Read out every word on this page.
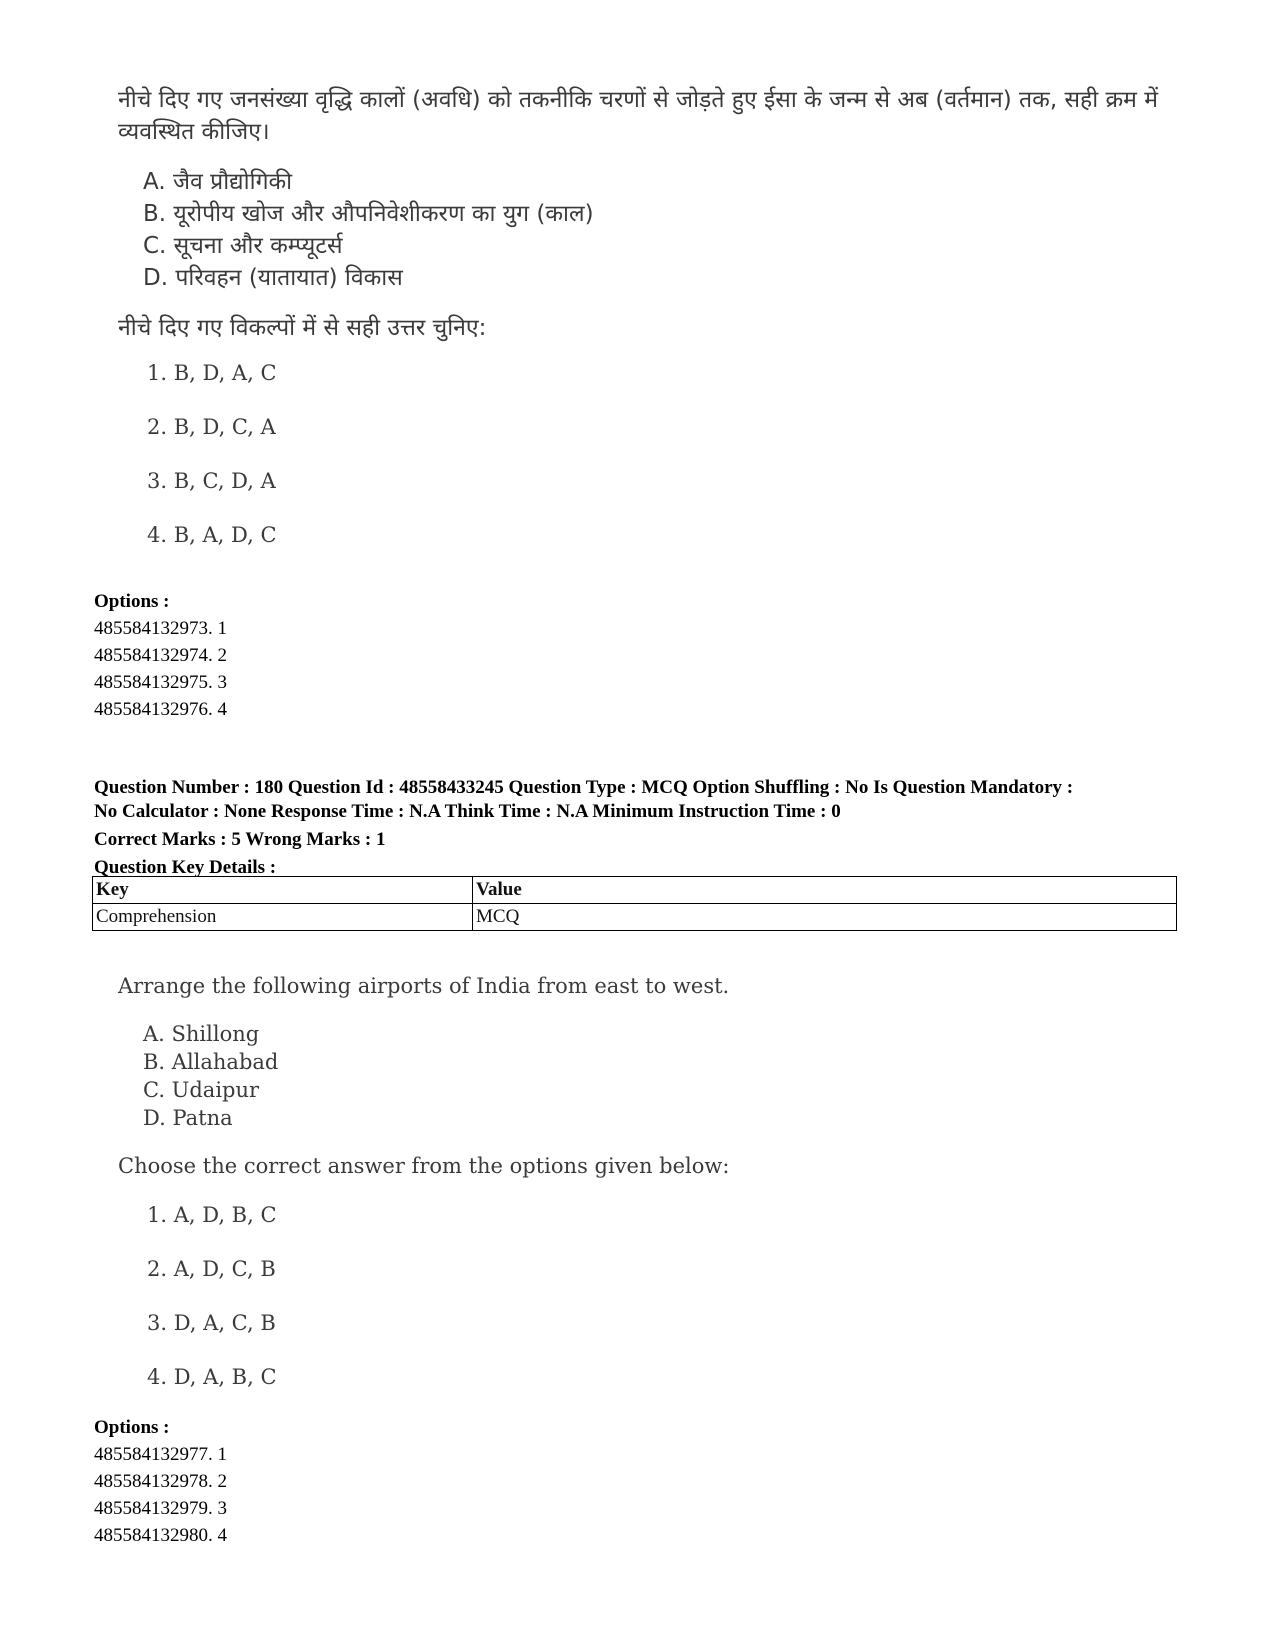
नीचे दिए गए जनसंख्या वृद्धि कालों (अवधि) को तकनीकि चरणों से जोड़ते हुए ईसा के जन्म से अब (वर्तमान) तक, सही क्रम में व्यवस्थित कीजिए।

A. जैव प्रौद्योगिकी
B. यूरोपीय खोज और औपनिवेशीकरण का युग (काल)
C. सूचना और कम्प्यूटर्स
D. परिवहन (यातायात) विकास

नीचे दिए गए विकल्पों में से सही उत्तर चुनिए:

1. B, D, A, C
2. B, D, C, A
3. B, C, D, A
4. B, A, D, C
Options :
485584132973. 1
485584132974. 2
485584132975. 3
485584132976. 4
Question Number : 180 Question Id : 48558433245 Question Type : MCQ Option Shuffling : No Is Question Mandatory :
No Calculator : None Response Time : N.A Think Time : N.A Minimum Instruction Time : 0
Correct Marks : 5 Wrong Marks : 1
Question Key Details :
Key	Value
Comprehension	MCQ

Arrange the following airports of India from east to west.

A. Shillong
B. Allahabad
C. Udaipur
D. Patna

Choose the correct answer from the options given below:

1. A, D, B, C
2. A, D, C, B
3. D, A, C, B
4. D, A, B, C
Options :
485584132977. 1
485584132978. 2
485584132979. 3
485584132980. 4
